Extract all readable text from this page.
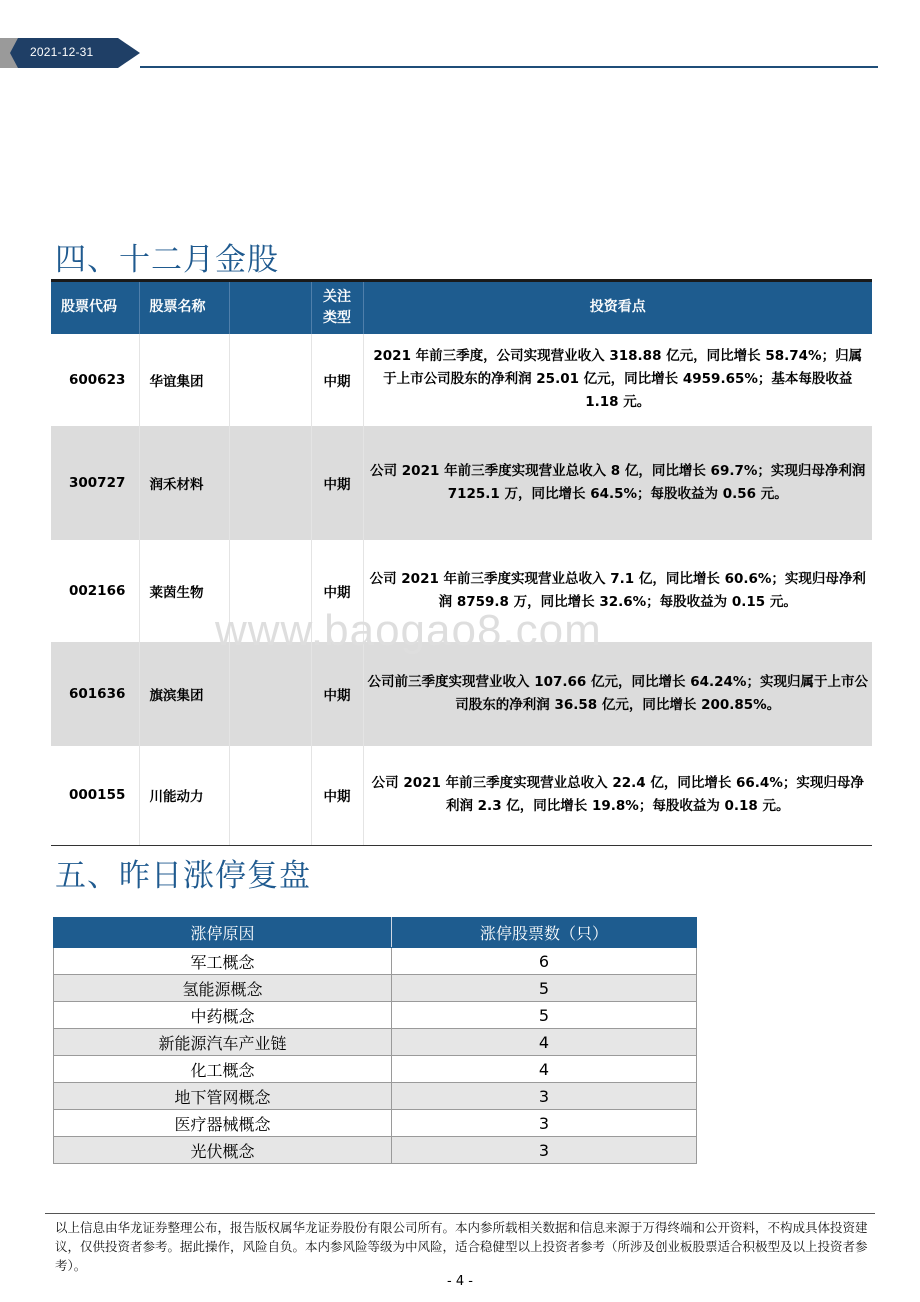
2021-12-31
四、十二月金股
股票代码	股票名称		关注类型	投资看点
600623	华谊集团		中期	2021 年前三季度，公司实现营业收入 318.88 亿元，同比增长 58.74%；归属于上市公司股东的净利润 25.01 亿元，同比增长 4959.65%；基本每股收益 1.18 元。
300727	润禾材料		中期	公司 2021 年前三季度实现营业总收入 8 亿，同比增长 69.7%；实现归母净利润 7125.1 万，同比增长 64.5%；每股收益为 0.56 元。
002166	莱茵生物		中期	公司 2021 年前三季度实现营业总收入 7.1 亿，同比增长 60.6%；实现归母净利润 8759.8 万，同比增长 32.6%；每股收益为 0.15 元。
601636	旗滨集团		中期	公司前三季度实现营业收入 107.66 亿元，同比增长 64.24%；实现归属于上市公司股东的净利润 36.58 亿元，同比增长 200.85%。
000155	川能动力		中期	公司 2021 年前三季度实现营业总收入 22.4 亿，同比增长 66.4%；实现归母净利润 2.3 亿，同比增长 19.8%；每股收益为 0.18 元。
www.baogao8.com
五、昨日涨停复盘
涨停原因	涨停股票数（只）
军工概念	6
氢能源概念	5
中药概念	5
新能源汽车产业链	4
化工概念	4
地下管网概念	3
医疗器械概念	3
光伏概念	3
以上信息由华龙证券整理公布，报告版权属华龙证券股份有限公司所有。本内参所载相关数据和信息来源于万得终端和公开资料，不构成具体投资建议，仅供投资者参考。据此操作，风险自负。本内参风险等级为中风险，适合稳健型以上投资者参考（所涉及创业板股票适合积极型及以上投资者参考）。
- 4 -
